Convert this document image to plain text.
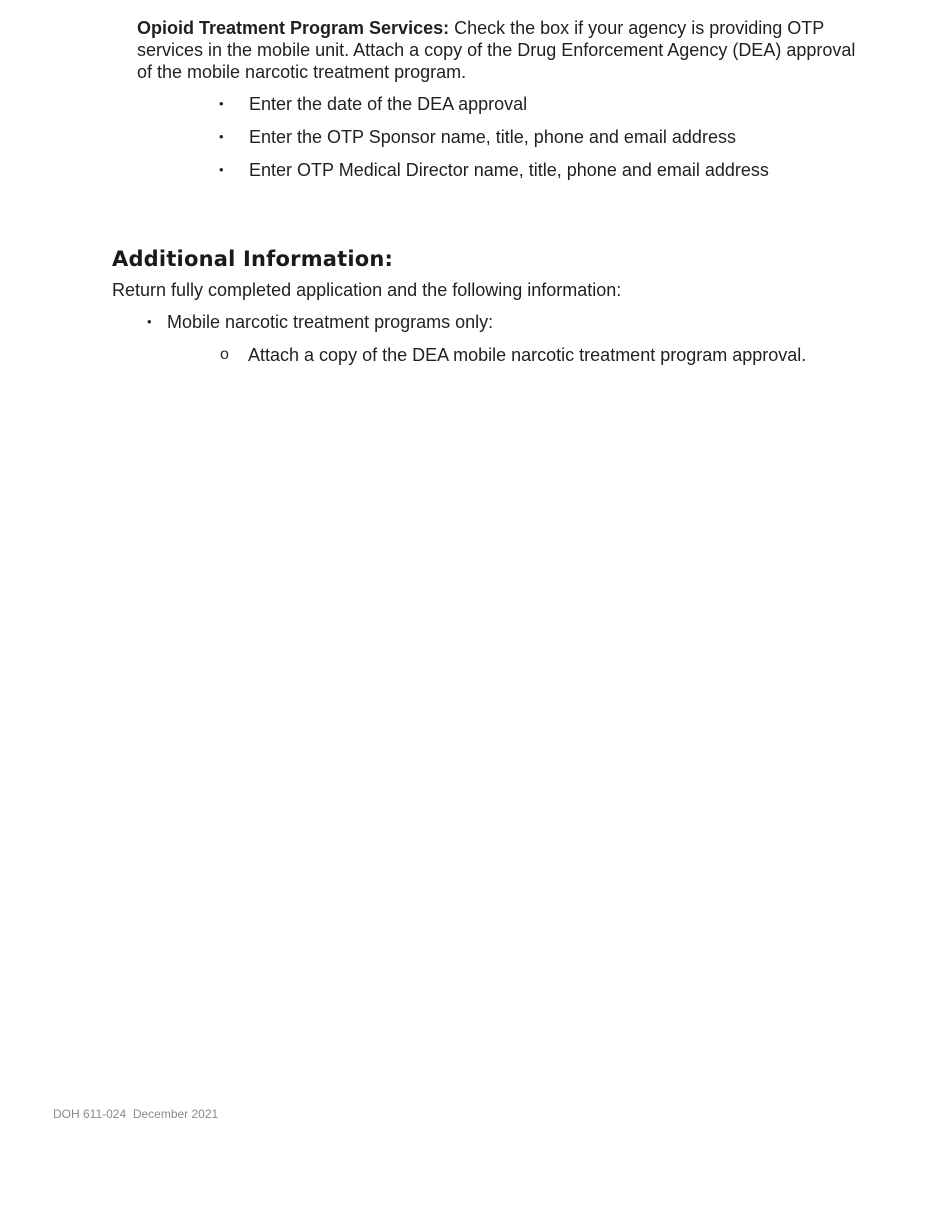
Opioid Treatment Program Services: Check the box if your agency is providing OTP services in the mobile unit. Attach a copy of the Drug Enforcement Agency (DEA) approval of the mobile narcotic treatment program.
• Enter the date of the DEA approval
• Enter the OTP Sponsor name, title, phone and email address
• Enter OTP Medical Director name, title, phone and email address
Additional Information:
Return fully completed application and the following information:
• Mobile narcotic treatment programs only:
o Attach a copy of the DEA mobile narcotic treatment program approval.
DOH 611-024  December 2021
